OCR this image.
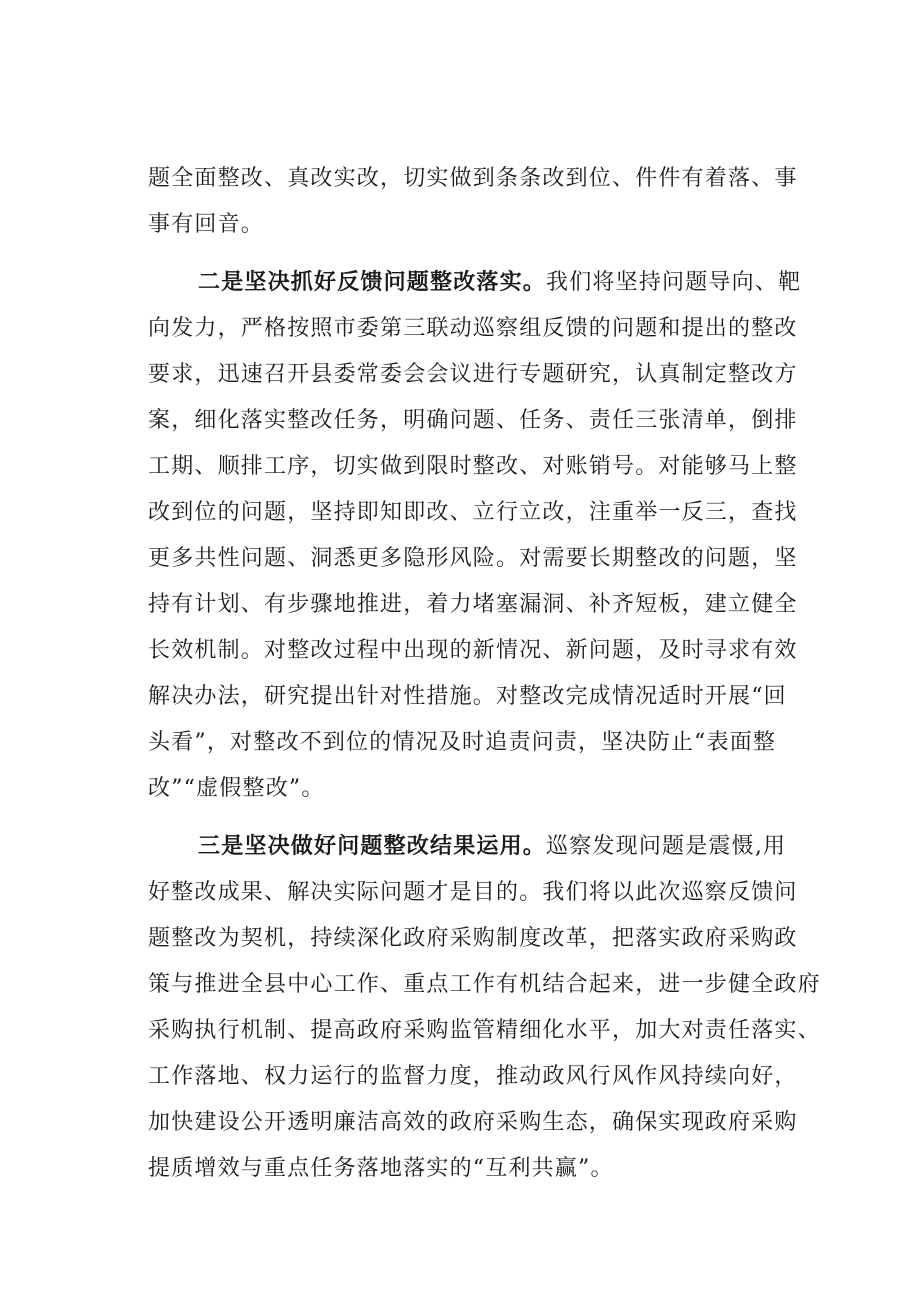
题全面整改、真改实改，切实做到条条改到位、件件有着落、事
事有回音。
二是坚决抓好反馈问题整改落实。我们将坚持问题导向、靶
向发力，严格按照市委第三联动巡察组反馈的问题和提出的整改
要求，迅速召开县委常委会会议进行专题研究，认真制定整改方
案，细化落实整改任务，明确问题、任务、责任三张清单，倒排
工期、顺排工序，切实做到限时整改、对账销号。对能够马上整
改到位的问题，坚持即知即改、立行立改，注重举一反三，查找
更多共性问题、洞悉更多隐形风险。对需要长期整改的问题，坚
持有计划、有步骤地推进，着力堵塞漏洞、补齐短板，建立健全
长效机制。对整改过程中出现的新情况、新问题，及时寻求有效
解决办法，研究提出针对性措施。对整改完成情况适时开展“回
头看”，对整改不到位的情况及时追责问责，坚决防止“表面整
改”“虚假整改”。
三是坚决做好问题整改结果运用。巡察发现问题是震慑,用
好整改成果、解决实际问题才是目的。我们将以此次巡察反馈问
题整改为契机，持续深化政府采购制度改革，把落实政府采购政
策与推进全县中心工作、重点工作有机结合起来，进一步健全政府
采购执行机制、提高政府采购监管精细化水平，加大对责任落实、
工作落地、权力运行的监督力度，推动政风行风作风持续向好，
加快建设公开透明廉洁高效的政府采购生态，确保实现政府采购
提质增效与重点任务落地落实的“互利共赢”。
